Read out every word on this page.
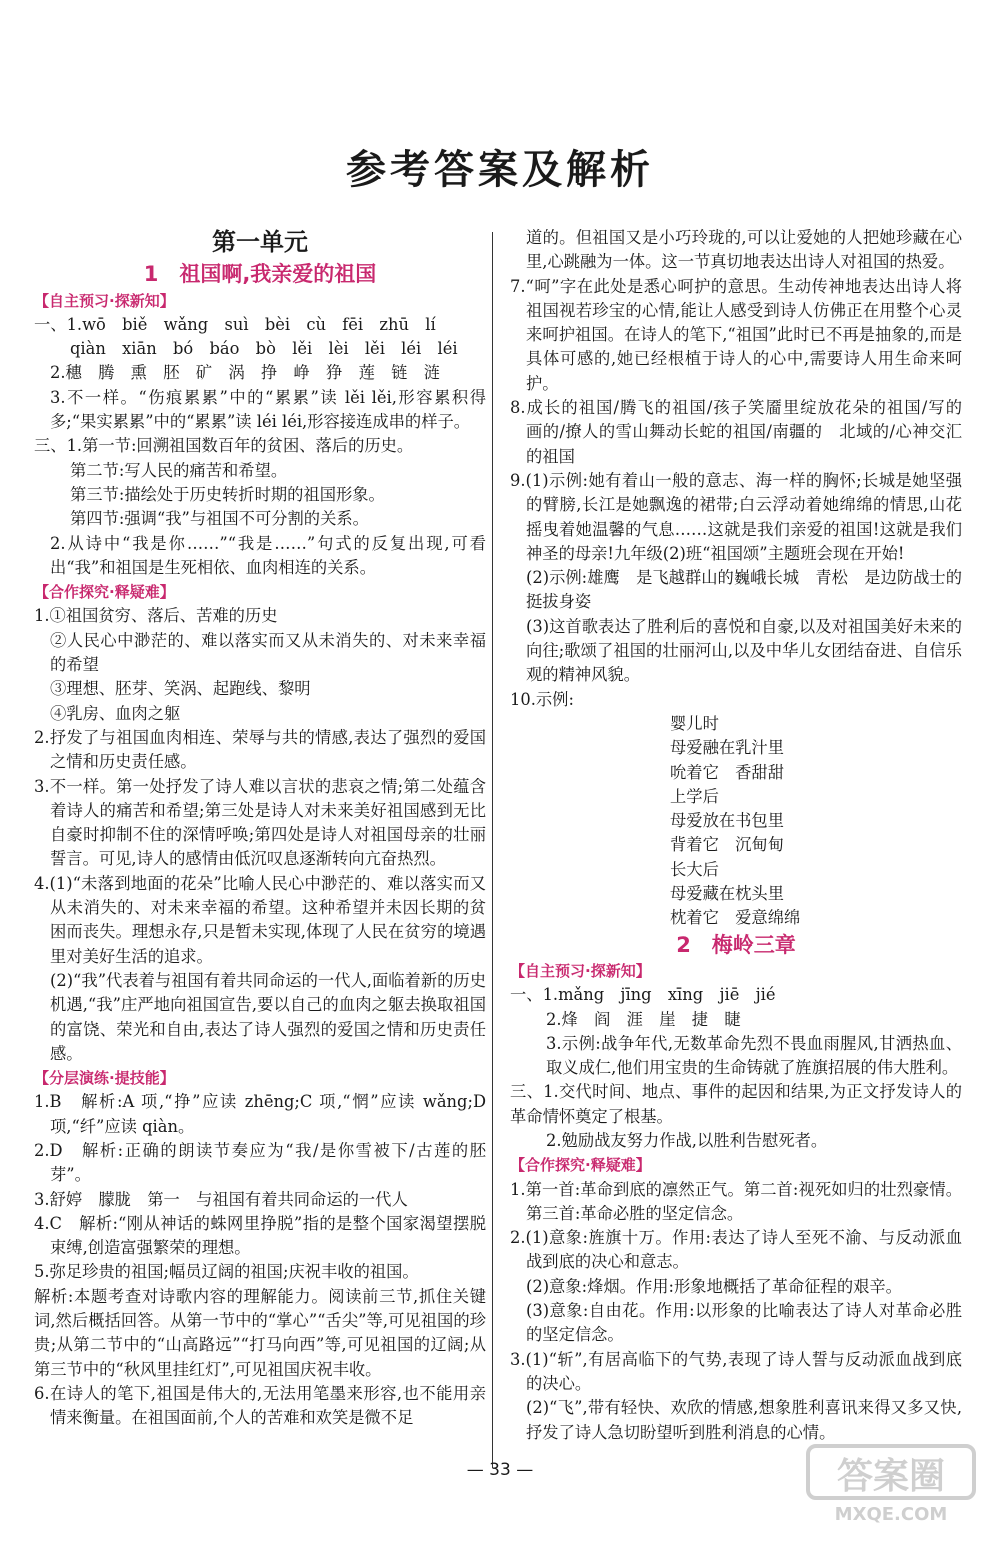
参考答案及解析
第一单元
1　祖国啊,我亲爱的祖国
【自主预习·探新知】
一、1.wō　biě　wǎng　suì　bèi　cù　fēi　zhū　lí
qiàn　xiān　bó　báo　bò　lěi　lèi　lěi　léi　léi
2.穗　腾　熏　胚　矿　涡　挣　峥　狰　莲　链　涟
3.不一样。“伤痕累累”中的“累累”读 lěi lěi,形容累积得多;“果实累累”中的“累累”读 léi léi,形容接连成串的样子。
三、1.第一节:回溯祖国数百年的贫困、落后的历史。
第二节:写人民的痛苦和希望。
第三节:描绘处于历史转折时期的祖国形象。
第四节:强调“我”与祖国不可分割的关系。
2.从诗中“我是你……”“我是……”句式的反复出现,可看出“我”和祖国是生死相依、血肉相连的关系。
【合作探究·释疑难】
1.①祖国贫穷、落后、苦难的历史
②人民心中渺茫的、难以落实而又从未消失的、对未来幸福的希望
③理想、胚芽、笑涡、起跑线、黎明
④乳房、血肉之躯
2.抒发了与祖国血肉相连、荣辱与共的情感,表达了强烈的爱国之情和历史责任感。
3.不一样。第一处抒发了诗人难以言状的悲哀之情;第二处蕴含着诗人的痛苦和希望;第三处是诗人对未来美好祖国感到无比自豪时抑制不住的深情呼唤;第四处是诗人对祖国母亲的壮丽誓言。可见,诗人的感情由低沉叹息逐渐转向亢奋热烈。
4.(1)“未落到地面的花朵”比喻人民心中渺茫的、难以落实而又从未消失的、对未来幸福的希望。这种希望并未因长期的贫困而丧失。理想永存,只是暂未实现,体现了人民在贫穷的境遇里对美好生活的追求。
(2)“我”代表着与祖国有着共同命运的一代人,面临着新的历史机遇,“我”庄严地向祖国宣告,要以自己的血肉之躯去换取祖国的富饶、荣光和自由,表达了诗人强烈的爱国之情和历史责任感。
【分层演练·提技能】
1.B　解析:A 项,“挣”应读 zhēng;C 项,“惘”应读 wǎng;D 项,“纤”应读 qiàn。
2.D　解析:正确的朗读节奏应为“我/是你雪被下/古莲的胚芽”。
3.舒婷　朦胧　第一　与祖国有着共同命运的一代人
4.C　解析:“刚从神话的蛛网里挣脱”指的是整个国家渴望摆脱束缚,创造富强繁荣的理想。
5.弥足珍贵的祖国;幅员辽阔的祖国;庆祝丰收的祖国。
解析:本题考查对诗歌内容的理解能力。阅读前三节,抓住关键词,然后概括回答。从第一节中的“掌心”“舌尖”等,可见祖国的珍贵;从第二节中的“山高路远”“打马向西”等,可见祖国的辽阔;从第三节中的“秋风里挂红灯”,可见祖国庆祝丰收。
6.在诗人的笔下,祖国是伟大的,无法用笔墨来形容,也不能用亲情来衡量。在祖国面前,个人的苦难和欢笑是微不足
道的。但祖国又是小巧玲珑的,可以让爱她的人把她珍藏在心里,心跳融为一体。这一节真切地表达出诗人对祖国的热爱。
7.“呵”字在此处是悉心呵护的意思。生动传神地表达出诗人将祖国视若珍宝的心情,能让人感受到诗人仿佛正在用整个心灵来呵护祖国。在诗人的笔下,“祖国”此时已不再是抽象的,而是具体可感的,她已经根植于诗人的心中,需要诗人用生命来呵护。
8.成长的祖国/腾飞的祖国/孩子笑靥里绽放花朵的祖国/写的　画的/撩人的雪山舞动长蛇的祖国/南疆的　北域的/心神交汇的祖国
9.(1)示例:她有着山一般的意志、海一样的胸怀;长城是她坚强的臂膀,长江是她飘逸的裙带;白云浮动着她绵绵的情思,山花摇曳着她温馨的气息……这就是我们亲爱的祖国!这就是我们神圣的母亲!九年级(2)班“祖国颂”主题班会现在开始!
(2)示例:雄鹰　是飞越群山的巍峨长城　青松　是边防战士的挺拔身姿
(3)这首歌表达了胜利后的喜悦和自豪,以及对祖国美好未来的向往;歌颂了祖国的壮丽河山,以及中华儿女团结奋进、自信乐观的精神风貌。
10.示例:
婴儿时
母爱融在乳汁里
吮着它　香甜甜
上学后
母爱放在书包里
背着它　沉甸甸
长大后
母爱藏在枕头里
枕着它　爱意绵绵
2　梅岭三章
【自主预习·探新知】
一、1.mǎng　jīng　xīng　jiē　jié
2.烽　阎　涯　崖　捷　睫
3.示例:战争年代,无数革命先烈不畏血雨腥风,甘洒热血、取义成仁,他们用宝贵的生命铸就了旌旗招展的伟大胜利。
三、1.交代时间、地点、事件的起因和结果,为正文抒发诗人的革命情怀奠定了根基。
2.勉励战友努力作战,以胜利告慰死者。
【合作探究·释疑难】
1.第一首:革命到底的凛然正气。第二首:视死如归的壮烈豪情。第三首:革命必胜的坚定信念。
2.(1)意象:旌旗十万。作用:表达了诗人至死不渝、与反动派血战到底的决心和意志。
(2)意象:烽烟。作用:形象地概括了革命征程的艰辛。
(3)意象:自由花。作用:以形象的比喻表达了诗人对革命必胜的坚定信念。
3.(1)“斩”,有居高临下的气势,表现了诗人誓与反动派血战到底的决心。
(2)“飞”,带有轻快、欢欣的情感,想象胜利喜讯来得又多又快,抒发了诗人急切盼望听到胜利消息的心情。
— 33 —	答案圈
MXQE.COM
